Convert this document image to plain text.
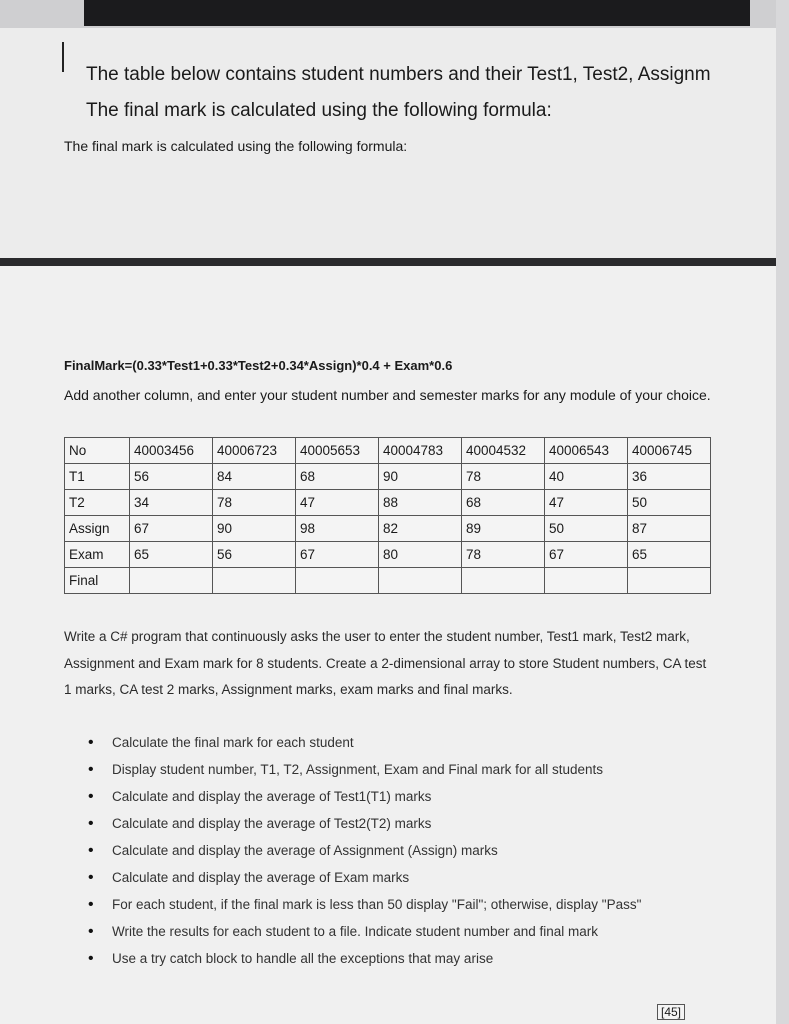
The table below contains student numbers and their Test1, Test2, Assignm
The final mark is calculated using the following formula:
The final mark is calculated using the following formula:
FinalMark=(0.33*Test1+0.33*Test2+0.34*Assign)*0.4 + Exam*0.6
Add another column, and enter your student number and semester marks for any module of your choice.
No	40003456	40006723	40005653	40004783	40004532	40006543	40006745
T1	56	84	68	90	78	40	36
T2	34	78	47	88	68	47	50
Assign	67	90	98	82	89	50	87
Exam	65	56	67	80	78	67	65
Final							
Write a C# program that continuously asks the user to enter the student number, Test1 mark, Test2 mark, Assignment and Exam mark for 8 students. Create a 2-dimensional array to store Student numbers, CA test 1 marks, CA test 2 marks, Assignment marks, exam marks and final marks.
• Calculate the final mark for each student
• Display student number, T1, T2, Assignment, Exam and Final mark for all students
• Calculate and display the average of Test1(T1) marks
• Calculate and display the average of Test2(T2) marks
• Calculate and display the average of Assignment (Assign) marks
• Calculate and display the average of Exam marks
• For each student, if the final mark is less than 50 display "Fail"; otherwise, display "Pass"
• Write the results for each student to a file. Indicate student number and final mark
• Use a try catch block to handle all the exceptions that may arise
[45]
